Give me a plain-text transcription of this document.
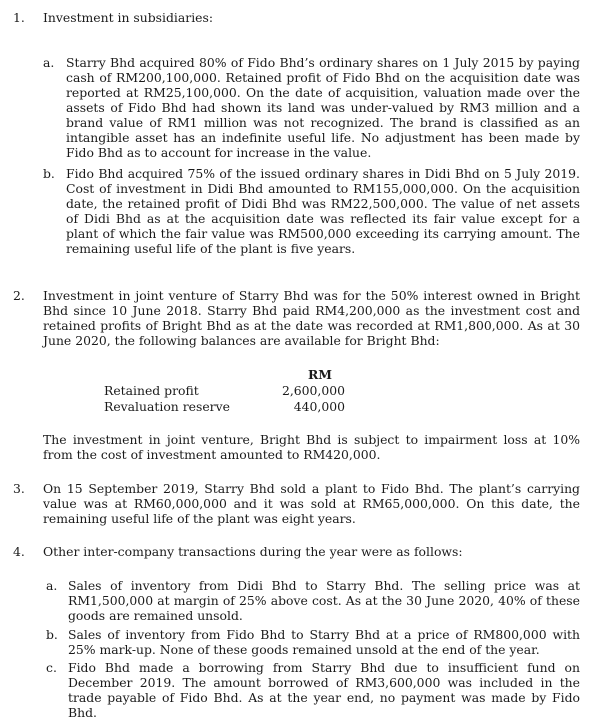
1.	Investment in subsidiaries:
a. Starry Bhd acquired 80% of Fido Bhd’s ordinary shares on 1 July 2015 by paying cash of RM200,100,000. Retained profit of Fido Bhd on the acquisition date was reported at RM25,100,000. On the date of acquisition, valuation made over the assets of Fido Bhd had shown its land was under-valued by RM3 million and a brand value of RM1 million was not recognized. The brand is classified as an intangible asset has an indefinite useful life. No adjustment has been made by Fido Bhd as to account for increase in the value.
b. Fido Bhd acquired 75% of the issued ordinary shares in Didi Bhd on 5 July 2019. Cost of investment in Didi Bhd amounted to RM155,000,000. On the acquisition date, the retained profit of Didi Bhd was RM22,500,000. The value of net assets of Didi Bhd as at the acquisition date was reflected its fair value except for a plant of which the fair value was RM500,000 exceeding its carrying amount. The remaining useful life of the plant is five years.
2.	Investment in joint venture of Starry Bhd was for the 50% interest owned in Bright Bhd since 10 June 2018. Starry Bhd paid RM4,200,000 as the investment cost and retained profits of Bright Bhd as at the date was recorded at RM1,800,000. As at 30 June 2020, the following balances are available for Bright Bhd:
RM
Retained profit	2,600,000
Revaluation reserve	440,000
The investment in joint venture, Bright Bhd is subject to impairment loss at 10% from the cost of investment amounted to RM420,000.
3.	On 15 September 2019, Starry Bhd sold a plant to Fido Bhd. The plant’s carrying value was at RM60,000,000 and it was sold at RM65,000,000. On this date, the remaining useful life of the plant was eight years.
4.	Other inter-company transactions during the year were as follows:
a. Sales of inventory from Didi Bhd to Starry Bhd. The selling price was at RM1,500,000 at margin of 25% above cost. As at the 30 June 2020, 40% of these goods are remained unsold.
b. Sales of inventory from Fido Bhd to Starry Bhd at a price of RM800,000 with 25% mark-up. None of these goods remained unsold at the end of the year.
c. Fido Bhd made a borrowing from Starry Bhd due to insufficient fund on December 2019. The amount borrowed of RM3,600,000 was included in the trade payable of Fido Bhd. As at the year end, no payment was made by Fido Bhd.
